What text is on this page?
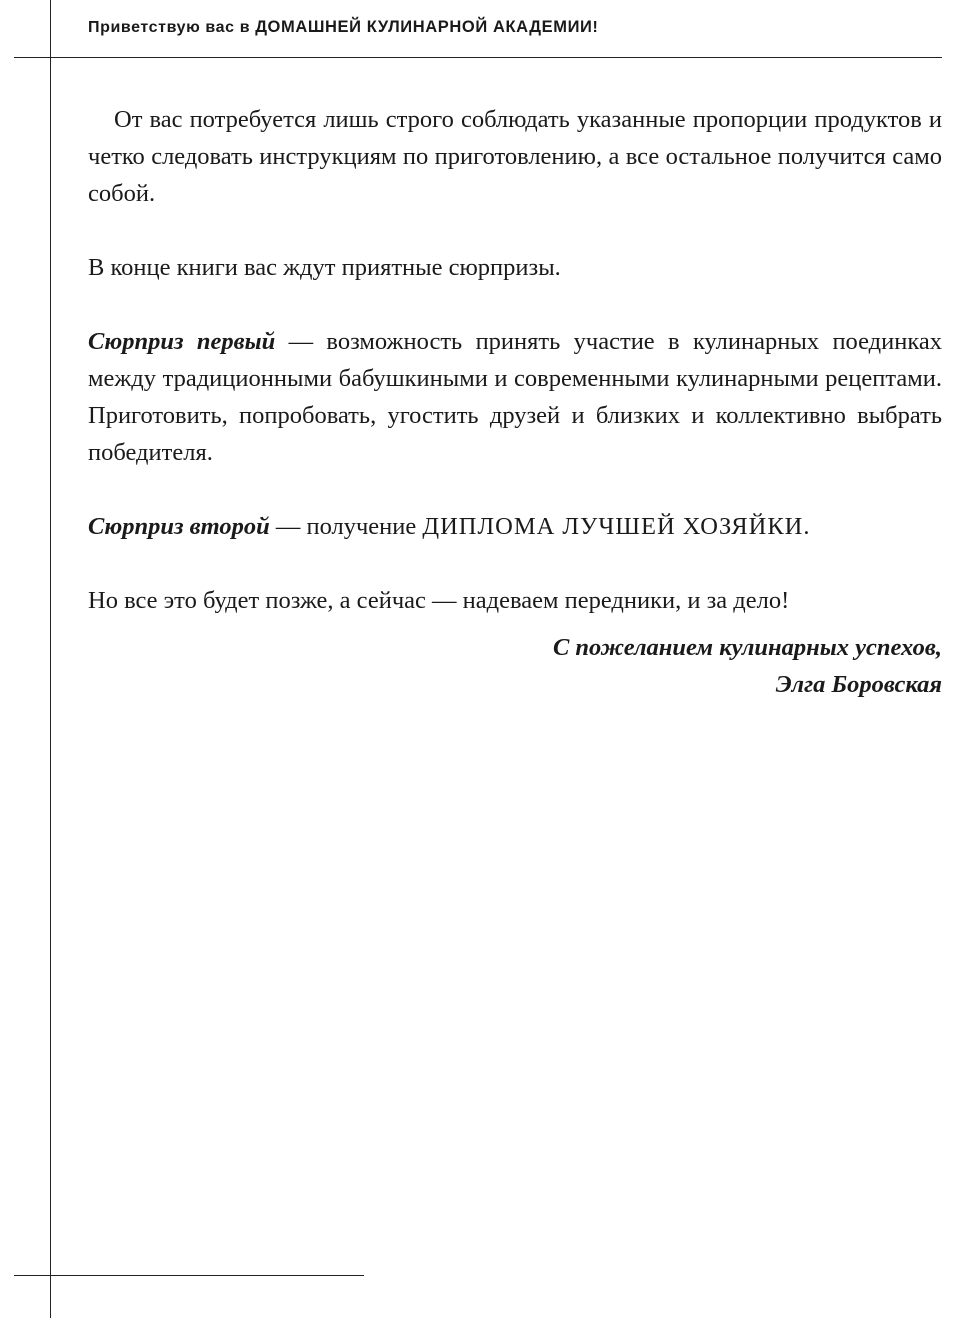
Приветствую вас в ДОМАШНЕЙ КУЛИНАРНОЙ АКАДЕМИИ!

От вас потребуется лишь строго соблюдать указанные пропорции продуктов и четко следовать инструкциям по приготовлению, а все остальное получится само собой.

В конце книги вас ждут приятные сюрпризы.

Сюрприз первый — возможность принять участие в кулинарных поединках между традиционными бабушкиными и современными кулинарными рецептами. Приготовить, попробовать, угостить друзей и близких и коллективно выбрать победителя.

Сюрприз второй — получение ДИПЛОМА ЛУЧШЕЙ ХОЗЯЙКИ.

Но все это будет позже, а сейчас — надеваем передники, и за дело!

С пожеланием кулинарных успехов,
Элга Боровская
